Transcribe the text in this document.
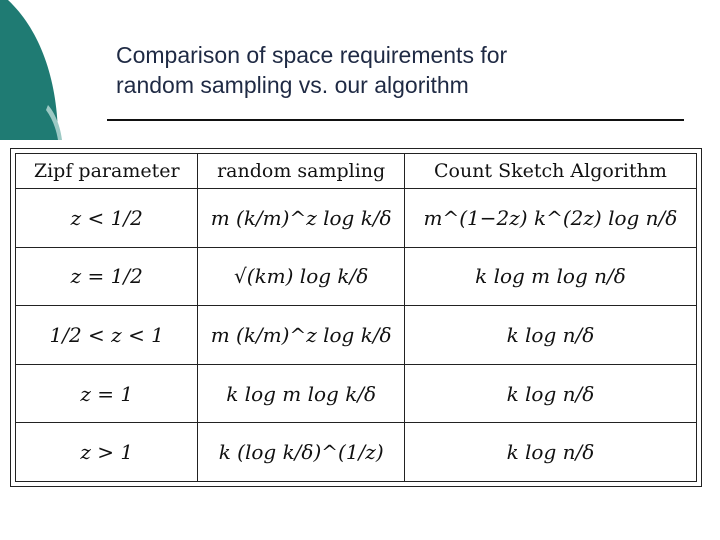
Comparison of space requirements for
random sampling vs. our algorithm
Zipf parameter	random sampling	Count Sketch Algorithm
z < 1/2	m (k/m)^z log k/δ	m^(1−2z) k^(2z) log n/δ
z = 1/2	√(km) log k/δ	k log m log n/δ
1/2 < z < 1	m (k/m)^z log k/δ	k log n/δ
z = 1	k log m log k/δ	k log n/δ
z > 1	k (log k/δ)^(1/z)	k log n/δ
